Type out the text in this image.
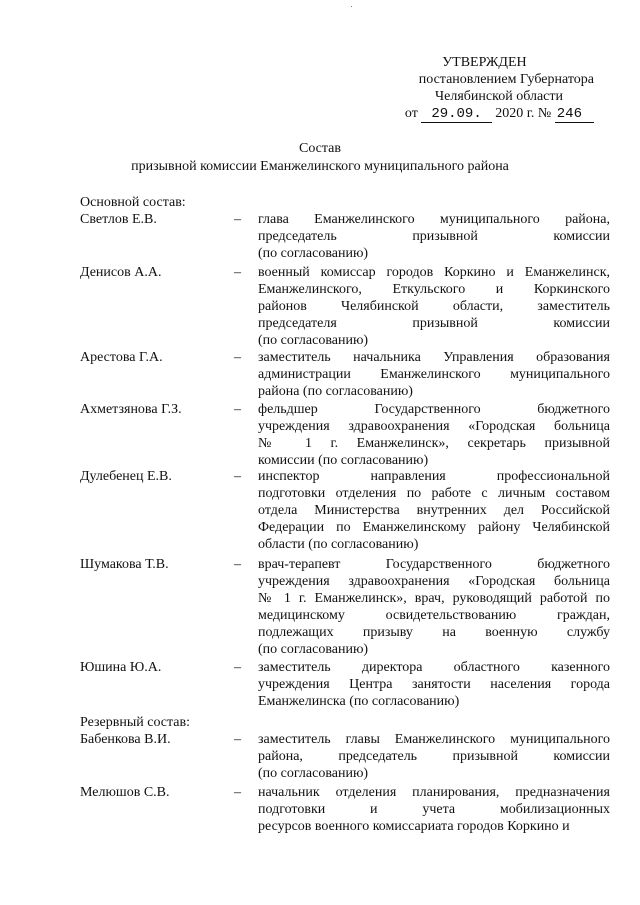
УТВЕРЖДЕН
постановлением Губернатора
Челябинской области
от 29.09. 2020 г. № 246
Состав
призывной комиссии Еманжелинского муниципального района
Основной состав:
Светлов Е.В.	– глава Еманжелинского муниципального района,
председатель призывной комиссии
(по согласованию)
Денисов А.А.	– военный комиссар городов Коркино и Еманжелинск,
Еманжелинского, Еткульского и Коркинского
районов Челябинской области, заместитель
председателя призывной комиссии
(по согласованию)
Арестова Г.А.	– заместитель начальника Управления образования
администрации Еманжелинского муниципального
района (по согласованию)
Ахметзянова Г.З.	– фельдшер Государственного бюджетного
учреждения здравоохранения «Городская больница
№ 1 г. Еманжелинск», секретарь призывной
комиссии (по согласованию)
Дулебенец Е.В.	– инспектор направления профессиональной
подготовки отделения по работе с личным составом
отдела Министерства внутренних дел Российской
Федерации по Еманжелинскому району Челябинской
области (по согласованию)
Шумакова Т.В.	– врач-терапевт Государственного бюджетного
учреждения здравоохранения «Городская больница
№ 1 г. Еманжелинск», врач, руководящий работой по
медицинскому освидетельствованию граждан,
подлежащих призыву на военную службу
(по согласованию)
Юшина Ю.А.	– заместитель директора областного казенного
учреждения Центра занятости населения города
Еманжелинска (по согласованию)
Резервный состав:
Бабенкова В.И.	– заместитель главы Еманжелинского муниципального
района, председатель призывной комиссии
(по согласованию)
Мелюшов С.В.	– начальник отделения планирования, предназначения
подготовки и учета мобилизационных
ресурсов военного комиссариата городов Коркино и
